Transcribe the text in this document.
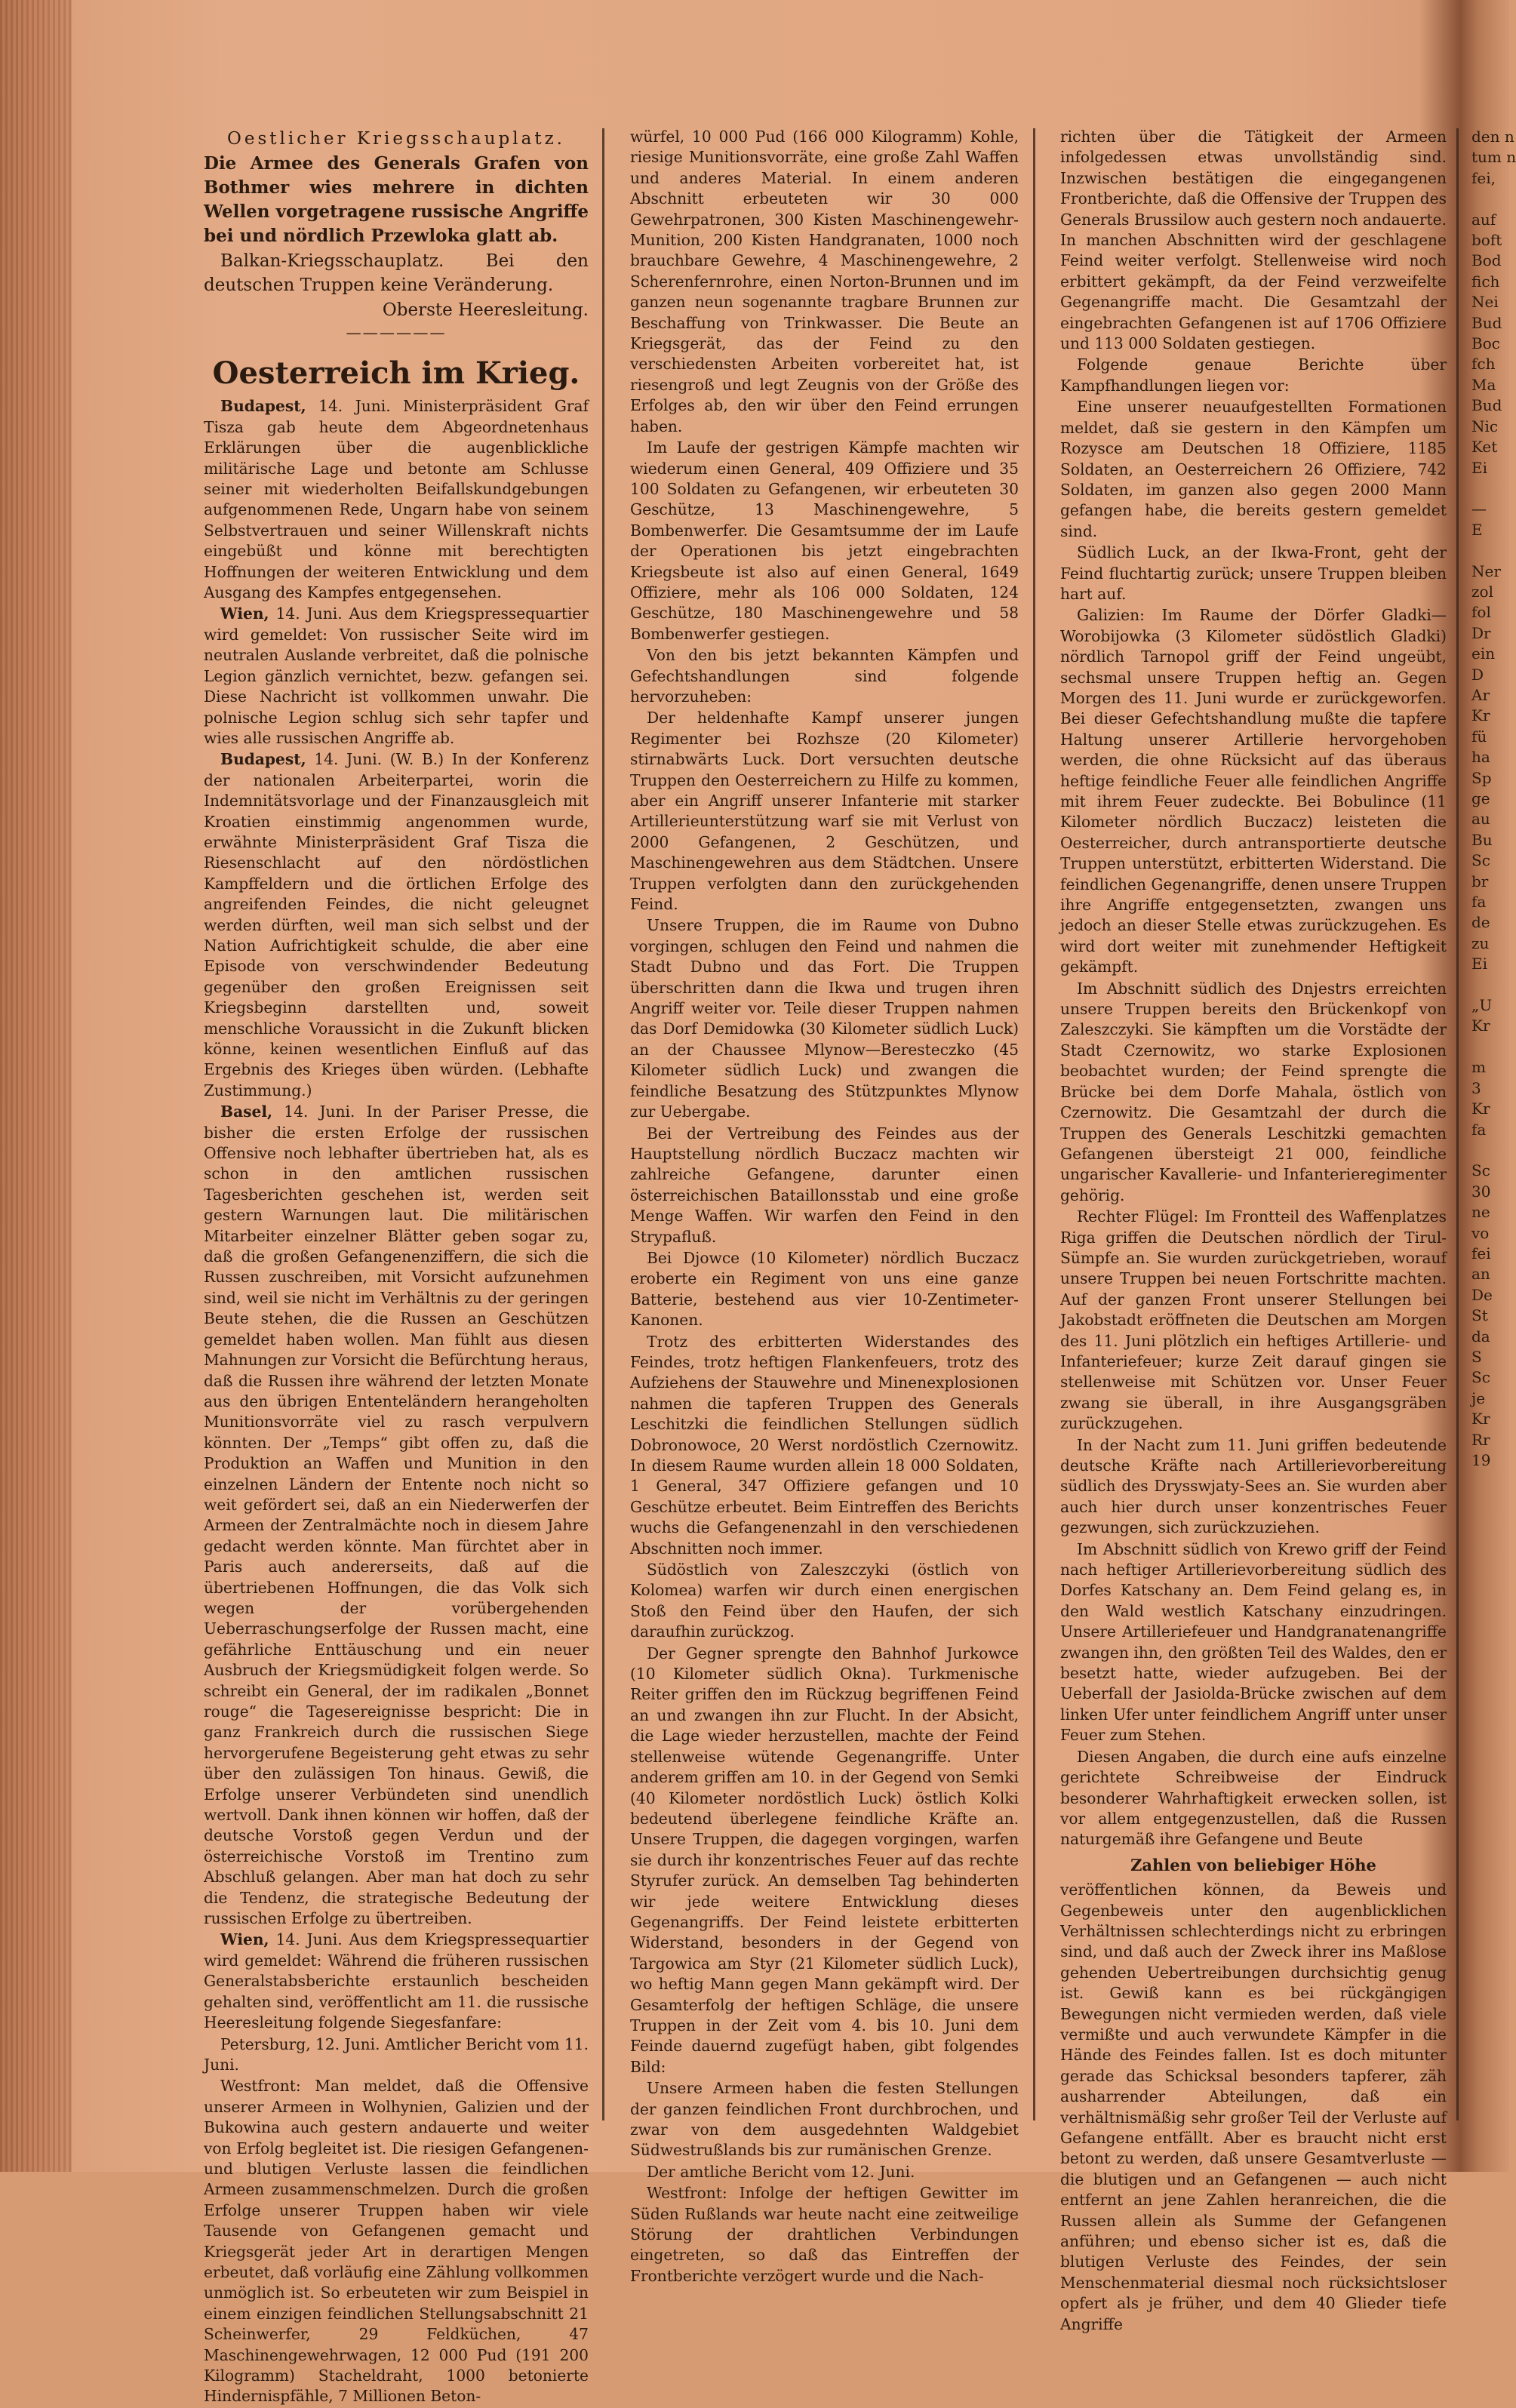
Oestlicher Kriegsschauplatz.

Die Armee des Generals Grafen von Bothmer wies mehrere in dichten Wellen vorgetragene russische Angriffe bei und nördlich Przewloka glatt ab.

Balkan-Kriegsschauplatz. Bei den deutschen Truppen keine Veränderung.

Oberste Heeresleitung.

——————
Oesterreich im Krieg.

Budapest, 14. Juni. Ministerpräsident Graf Tisza gab heute dem Abgeordnetenhaus Erklärungen über die augenblickliche militärische Lage und betonte am Schlusse seiner mit wiederholten Beifallskundgebungen aufgenommenen Rede, Ungarn habe von seinem Selbstvertrauen und seiner Willenskraft nichts eingebüßt und könne mit berechtigten Hoffnungen der weiteren Entwicklung und dem Ausgang des Kampfes entgegensehen.

Wien, 14. Juni. Aus dem Kriegspressequartier wird gemeldet: Von russischer Seite wird im neutralen Auslande verbreitet, daß die polnische Legion gänzlich vernichtet, bezw. gefangen sei. Diese Nachricht ist vollkommen unwahr. Die polnische Legion schlug sich sehr tapfer und wies alle russischen Angriffe ab.

Budapest, 14. Juni. (W. B.) In der Konferenz der nationalen Arbeiterpartei, worin die Indemnitätsvorlage und der Finanzausgleich mit Kroatien einstimmig angenommen wurde, erwähnte Ministerpräsident Graf Tisza die Riesenschlacht auf den nördöstlichen Kampffeldern und die örtlichen Erfolge des angreifenden Feindes, die nicht geleugnet werden dürften, weil man sich selbst und der Nation Aufrichtigkeit schulde, die aber eine Episode von verschwindender Bedeutung gegenüber den großen Ereignissen seit Kriegsbeginn darstellten und, soweit menschliche Voraussicht in die Zukunft blicken könne, keinen wesentlichen Einfluß auf das Ergebnis des Krieges üben würden. (Lebhafte Zustimmung.)

Basel, 14. Juni. In der Pariser Presse, die bisher die ersten Erfolge der russischen Offensive noch lebhafter übertrieben hat, als es schon in den amtlichen russischen Tagesberichten geschehen ist, werden seit gestern Warnungen laut. Die militärischen Mitarbeiter einzelner Blätter geben sogar zu, daß die großen Gefangenenziffern, die sich die Russen zuschreiben, mit Vorsicht aufzunehmen sind, weil sie nicht im Verhältnis zu der geringen Beute stehen, die die Russen an Geschützen gemeldet haben wollen. Man fühlt aus diesen Mahnungen zur Vorsicht die Befürchtung heraus, daß die Russen ihre während der letzten Monate aus den übrigen Ententeländern herangeholten Munitionsvorräte viel zu rasch verpulvern könnten. Der „Temps“ gibt offen zu, daß die Produktion an Waffen und Munition in den einzelnen Ländern der Entente noch nicht so weit gefördert sei, daß an ein Niederwerfen der Armeen der Zentralmächte noch in diesem Jahre gedacht werden könnte. Man fürchtet aber in Paris auch andererseits, daß auf die übertriebenen Hoffnungen, die das Volk sich wegen der vorübergehenden Ueberraschungserfolge der Russen macht, eine gefährliche Enttäuschung und ein neuer Ausbruch der Kriegsmüdigkeit folgen werde. So schreibt ein General, der im radikalen „Bonnet rouge“ die Tagesereignisse bespricht: Die in ganz Frankreich durch die russischen Siege hervorgerufene Begeisterung geht etwas zu sehr über den zulässigen Ton hinaus. Gewiß, die Erfolge unserer Verbündeten sind unendlich wertvoll. Dank ihnen können wir hoffen, daß der deutsche Vorstoß gegen Verdun und der österreichische Vorstoß im Trentino zum Abschluß gelangen. Aber man hat doch zu sehr die Tendenz, die strategische Bedeutung der russischen Erfolge zu übertreiben.

Wien, 14. Juni. Aus dem Kriegspressequartier wird gemeldet: Während die früheren russischen Generalstabsberichte erstaunlich bescheiden gehalten sind, veröffentlicht am 11. die russische Heeresleitung folgende Siegesfanfare:

Petersburg, 12. Juni. Amtlicher Bericht vom 11. Juni.

Westfront: Man meldet, daß die Offensive unserer Armeen in Wolhynien, Galizien und der Bukowina auch gestern andauerte und weiter von Erfolg begleitet ist. Die riesigen Gefangenen- und blutigen Verluste lassen die feindlichen Armeen zusammenschmelzen. Durch die großen Erfolge unserer Truppen haben wir viele Tausende von Gefangenen gemacht und Kriegsgerät jeder Art in derartigen Mengen erbeutet, daß vorläufig eine Zählung vollkommen unmöglich ist. So erbeuteten wir zum Beispiel in einem einzigen feindlichen Stellungsabschnitt 21 Scheinwerfer, 29 Feldküchen, 47 Maschinengewehrwagen, 12 000 Pud (191 200 Kilogramm) Stacheldraht, 1000 betonierte Hindernispfähle, 7 Millionen Beton-

würfel, 10 000 Pud (166 000 Kilogramm) Kohle, riesige Munitionsvorräte, eine große Zahl Waffen und anderes Material. In einem anderen Abschnitt erbeuteten wir 30 000 Gewehrpatronen, 300 Kisten Maschinengewehr-Munition, 200 Kisten Handgranaten, 1000 noch brauchbare Gewehre, 4 Maschinengewehre, 2 Scherenfernrohre, einen Norton-Brunnen und im ganzen neun sogenannte tragbare Brunnen zur Beschaffung von Trinkwasser. Die Beute an Kriegsgerät, das der Feind zu den verschiedensten Arbeiten vorbereitet hat, ist riesengroß und legt Zeugnis von der Größe des Erfolges ab, den wir über den Feind errungen haben.

Im Laufe der gestrigen Kämpfe machten wir wiederum einen General, 409 Offiziere und 35 100 Soldaten zu Gefangenen, wir erbeuteten 30 Geschütze, 13 Maschinengewehre, 5 Bombenwerfer. Die Gesamtsumme der im Laufe der Operationen bis jetzt eingebrachten Kriegsbeute ist also auf einen General, 1649 Offiziere, mehr als 106 000 Soldaten, 124 Geschütze, 180 Maschinengewehre und 58 Bombenwerfer gestiegen.

Von den bis jetzt bekannten Kämpfen und Gefechtshandlungen sind folgende hervorzuheben:

Der heldenhafte Kampf unserer jungen Regimenter bei Rozhsze (20 Kilometer) stirnabwärts Luck. Dort versuchten deutsche Truppen den Oesterreichern zu Hilfe zu kommen, aber ein Angriff unserer Infanterie mit starker Artillerieunterstützung warf sie mit Verlust von 2000 Gefangenen, 2 Geschützen, und Maschinengewehren aus dem Städtchen. Unsere Truppen verfolgten dann den zurückgehenden Feind.

Unsere Truppen, die im Raume von Dubno vorgingen, schlugen den Feind und nahmen die Stadt Dubno und das Fort. Die Truppen überschritten dann die Ikwa und trugen ihren Angriff weiter vor. Teile dieser Truppen nahmen das Dorf Demidowka (30 Kilometer südlich Luck) an der Chaussee Mlynow—Beresteczko (45 Kilometer südlich Luck) und zwangen die feindliche Besatzung des Stützpunktes Mlynow zur Uebergabe.

Bei der Vertreibung des Feindes aus der Hauptstellung nördlich Buczacz machten wir zahlreiche Gefangene, darunter einen österreichischen Bataillonsstab und eine große Menge Waffen. Wir warfen den Feind in den Strypafluß.

Bei Djowce (10 Kilometer) nördlich Buczacz eroberte ein Regiment von uns eine ganze Batterie, bestehend aus vier 10-Zentimeter-Kanonen.

Trotz des erbitterten Widerstandes des Feindes, trotz heftigen Flankenfeuers, trotz des Aufziehens der Stauwehre und Minenexplosionen nahmen die tapferen Truppen des Generals Leschitzki die feindlichen Stellungen südlich Dobronowoce, 20 Werst nordöstlich Czernowitz. In diesem Raume wurden allein 18 000 Soldaten, 1 General, 347 Offiziere gefangen und 10 Geschütze erbeutet. Beim Eintreffen des Berichts wuchs die Gefangenenzahl in den verschiedenen Abschnitten noch immer.

Südöstlich von Zaleszczyki (östlich von Kolomea) warfen wir durch einen energischen Stoß den Feind über den Haufen, der sich daraufhin zurückzog.

Der Gegner sprengte den Bahnhof Jurkowce (10 Kilometer südlich Okna). Turkmenische Reiter griffen den im Rückzug begriffenen Feind an und zwangen ihn zur Flucht. In der Absicht, die Lage wieder herzustellen, machte der Feind stellenweise wütende Gegenangriffe. Unter anderem griffen am 10. in der Gegend von Semki (40 Kilometer nordöstlich Luck) östlich Kolki bedeutend überlegene feindliche Kräfte an. Unsere Truppen, die dagegen vorgingen, warfen sie durch ihr konzentrisches Feuer auf das rechte Styrufer zurück. An demselben Tag behinderten wir jede weitere Entwicklung dieses Gegenangriffs. Der Feind leistete erbitterten Widerstand, besonders in der Gegend von Targowica am Styr (21 Kilometer südlich Luck), wo heftig Mann gegen Mann gekämpft wird. Der Gesamterfolg der heftigen Schläge, die unsere Truppen in der Zeit vom 4. bis 10. Juni dem Feinde dauernd zugefügt haben, gibt folgendes Bild:

Unsere Armeen haben die festen Stellungen der ganzen feindlichen Front durchbrochen, und zwar von dem ausgedehnten Waldgebiet Südwestrußlands bis zur rumänischen Grenze.

Der amtliche Bericht vom 12. Juni.

Westfront: Infolge der heftigen Gewitter im Süden Rußlands war heute nacht eine zeitweilige Störung der drahtlichen Verbindungen eingetreten, so daß das Eintreffen der Frontberichte verzögert wurde und die Nach-

richten über die Tätigkeit der Armeen infolgedessen etwas unvollständig sind. Inzwischen bestätigen die eingegangenen Frontberichte, daß die Offensive der Truppen des Generals Brussilow auch gestern noch andauerte. In manchen Abschnitten wird der geschlagene Feind weiter verfolgt. Stellenweise wird noch erbittert gekämpft, da der Feind verzweifelte Gegenangriffe macht. Die Gesamtzahl der eingebrachten Gefangenen ist auf 1706 Offiziere und 113 000 Soldaten gestiegen.

Folgende genaue Berichte über Kampfhandlungen liegen vor:

Eine unserer neuaufgestellten Formationen meldet, daß sie gestern in den Kämpfen um Rozysce am Deutschen 18 Offiziere, 1185 Soldaten, an Oesterreichern 26 Offiziere, 742 Soldaten, im ganzen also gegen 2000 Mann gefangen habe, die bereits gestern gemeldet sind.

Südlich Luck, an der Ikwa-Front, geht der Feind fluchtartig zurück; unsere Truppen bleiben hart auf.

Galizien: Im Raume der Dörfer Gladki—Worobijowka (3 Kilometer südöstlich Gladki) nördlich Tarnopol griff der Feind ungeübt, sechsmal unsere Truppen heftig an. Gegen Morgen des 11. Juni wurde er zurückgeworfen. Bei dieser Gefechtshandlung mußte die tapfere Haltung unserer Artillerie hervorgehoben werden, die ohne Rücksicht auf das überaus heftige feindliche Feuer alle feindlichen Angriffe mit ihrem Feuer zudeckte. Bei Bobulince (11 Kilometer nördlich Buczacz) leisteten die Oesterreicher, durch antransportierte deutsche Truppen unterstützt, erbitterten Widerstand. Die feindlichen Gegenangriffe, denen unsere Truppen ihre Angriffe entgegensetzten, zwangen uns jedoch an dieser Stelle etwas zurückzugehen. Es wird dort weiter mit zunehmender Heftigkeit gekämpft.

Im Abschnitt südlich des Dnjestrs erreichten unsere Truppen bereits den Brückenkopf von Zaleszczyki. Sie kämpften um die Vorstädte der Stadt Czernowitz, wo starke Explosionen beobachtet wurden; der Feind sprengte die Brücke bei dem Dorfe Mahala, östlich von Czernowitz. Die Gesamtzahl der durch die Truppen des Generals Leschitzki gemachten Gefangenen übersteigt 21 000, feindliche ungarischer Kavallerie- und Infanterieregimenter gehörig.

Rechter Flügel: Im Frontteil des Waffenplatzes Riga griffen die Deutschen nördlich der Tirul-Sümpfe an. Sie wurden zurückgetrieben, worauf unsere Truppen bei neuen Fortschritte machten. Auf der ganzen Front unserer Stellungen bei Jakobstadt eröffneten die Deutschen am Morgen des 11. Juni plötzlich ein heftiges Artillerie- und Infanteriefeuer; kurze Zeit darauf gingen sie stellenweise mit Schützen vor. Unser Feuer zwang sie überall, in ihre Ausgangsgräben zurückzugehen.

In der Nacht zum 11. Juni griffen bedeutende deutsche Kräfte nach Artillerievorbereitung südlich des Drysswjaty-Sees an. Sie wurden aber auch hier durch unser konzentrisches Feuer gezwungen, sich zurückzuziehen.

Im Abschnitt südlich von Krewo griff der Feind nach heftiger Artillerievorbereitung südlich des Dorfes Katschany an. Dem Feind gelang es, in den Wald westlich Katschany einzudringen. Unsere Artilleriefeuer und Handgranatenangriffe zwangen ihn, den größten Teil des Waldes, den er besetzt hatte, wieder aufzugeben. Bei der Ueberfall der Jasiolda-Brücke zwischen auf dem linken Ufer unter feindlichem Angriff unter unser Feuer zum Stehen.

Diesen Angaben, die durch eine aufs einzelne gerichtete Schreibweise der Eindruck besonderer Wahrhaftigkeit erwecken sollen, ist vor allem entgegenzustellen, daß die Russen naturgemäß ihre Gefangene und Beute

Zahlen von beliebiger Höhe

veröffentlichen können, da Beweis und Gegenbeweis unter den augenblicklichen Verhältnissen schlechterdings nicht zu erbringen sind, und daß auch der Zweck ihrer ins Maßlose gehenden Uebertreibungen durchsichtig genug ist. Gewiß kann es bei rückgängigen Bewegungen nicht vermieden werden, daß viele vermißte und auch verwundete Kämpfer in die Hände des Feindes fallen. Ist es doch mitunter gerade das Schicksal besonders tapferer, zäh ausharrender Abteilungen, daß ein verhältnismäßig sehr großer Teil der Verluste auf Gefangene entfällt. Aber es braucht nicht erst betont zu werden, daß unsere Gesamtverluste — die blutigen und an Gefangenen — auch nicht entfernt an jene Zahlen heranreichen, die die Russen allein als Summe der Gefangenen anführen; und ebenso sicher ist es, daß die blutigen Verluste des Feindes, der sein Menschenmaterial diesmal noch rücksichtsloser opfert als je früher, und dem 40 Glieder tiefe Angriffe

den n
tum n
fei,

auf
boft
Bod
fich
Nei
Bud
Boc
fch
Ma
Bud
Nic
Ket
Ei

—
E

Ner
zol
fol
Dr
ein
D
Ar
Kr
fü
ha
Sp
ge
au
Bu
Sc
br
fa
de
zu
Ei

„U
Kr

m
3
Kr
fa

Sc
30
ne
vo
fei
an
De
St
da
S
Sc
je
Kr
Rr
19
